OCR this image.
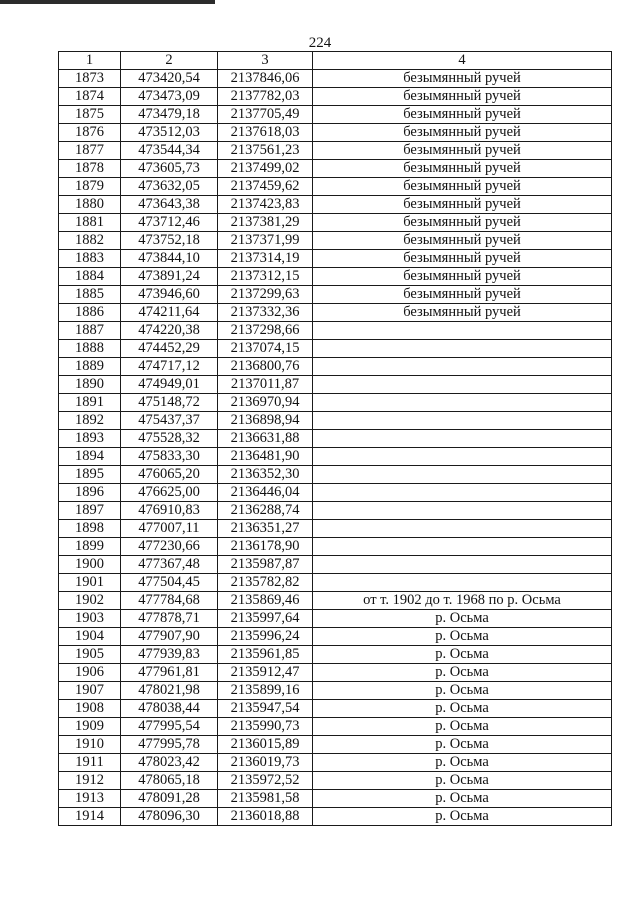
224
1	2	3	4
1873	473420,54	2137846,06	безымянный ручей
1874	473473,09	2137782,03	безымянный ручей
1875	473479,18	2137705,49	безымянный ручей
1876	473512,03	2137618,03	безымянный ручей
1877	473544,34	2137561,23	безымянный ручей
1878	473605,73	2137499,02	безымянный ручей
1879	473632,05	2137459,62	безымянный ручей
1880	473643,38	2137423,83	безымянный ручей
1881	473712,46	2137381,29	безымянный ручей
1882	473752,18	2137371,99	безымянный ручей
1883	473844,10	2137314,19	безымянный ручей
1884	473891,24	2137312,15	безымянный ручей
1885	473946,60	2137299,63	безымянный ручей
1886	474211,64	2137332,36	безымянный ручей
1887	474220,38	2137298,66	
1888	474452,29	2137074,15	
1889	474717,12	2136800,76	
1890	474949,01	2137011,87	
1891	475148,72	2136970,94	
1892	475437,37	2136898,94	
1893	475528,32	2136631,88	
1894	475833,30	2136481,90	
1895	476065,20	2136352,30	
1896	476625,00	2136446,04	
1897	476910,83	2136288,74	
1898	477007,11	2136351,27	
1899	477230,66	2136178,90	
1900	477367,48	2135987,87	
1901	477504,45	2135782,82	
1902	477784,68	2135869,46	от т. 1902 до т. 1968 по р. Осьма
1903	477878,71	2135997,64	р. Осьма
1904	477907,90	2135996,24	р. Осьма
1905	477939,83	2135961,85	р. Осьма
1906	477961,81	2135912,47	р. Осьма
1907	478021,98	2135899,16	р. Осьма
1908	478038,44	2135947,54	р. Осьма
1909	477995,54	2135990,73	р. Осьма
1910	477995,78	2136015,89	р. Осьма
1911	478023,42	2136019,73	р. Осьма
1912	478065,18	2135972,52	р. Осьма
1913	478091,28	2135981,58	р. Осьма
1914	478096,30	2136018,88	р. Осьма
